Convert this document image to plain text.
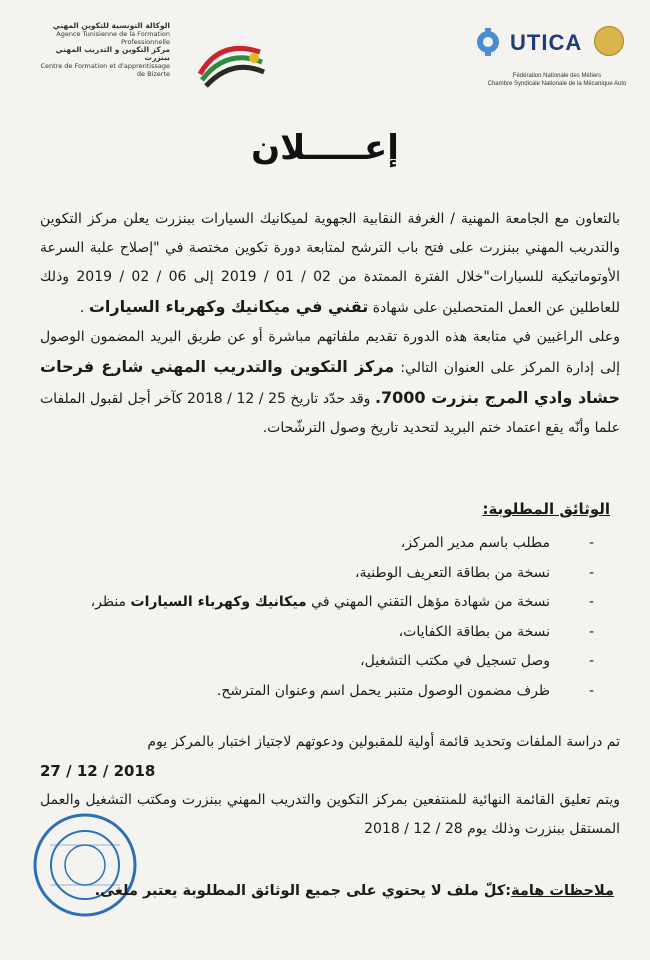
الوكالة التونسية للتكوين المهني
Agence Tunisienne de la Formation Professionnelle
مركز التكوين و التدريب المهني ببنزرت
Centre de Formation et d'apprentissage de Bizerte
UTICA
Fédération Nationale des Métiers
Chambre Syndicale Nationale de la Mécanique Auto
إعـــــلان

بالتعاون مع الجامعة المهنية / الغرفة النقابية الجهوية لميكانيك السيارات ببنزرت يعلن مركز التكوين والتدريب المهني ببنزرت على فتح باب الترشح لمتابعة دورة تكوين مختصة في "إصلاح علبة السرعة الأوتوماتيكية للسيارات"خلال الفترة الممتدة من 02 / 01 / 2019 إلى 06 / 02 / 2019 وذلك للعاطلين عن العمل المتحصلين على شهادة تقني في ميكانيك وكهرباء السيارات .

وعلى الراغبين في متابعة هذه الدورة تقديم ملفاتهم مباشرة أو عن طريق البريد المضمون الوصول إلى إدارة المركز على العنوان التالي: مركز التكوين والتدريب المهني شارع فرحات حشاد وادي المرج بنزرت 7000. وقد حدّد تاريخ 25 / 12 / 2018 كآخر أجل لقبول الملفات علما وأنّه يقع اعتماد ختم البريد لتحديد تاريخ وصول الترشّحات.

الوثائق المطلوبة:
-
مطلب باسم مدير المركز،
-
نسخة من بطاقة التعريف الوطنية،
-
نسخة من شهادة مؤهل التقني المهني في ميكانيك وكهرباء السيارات منظر،
-
نسخة من بطاقة الكفايات،
-
وصل تسجيل في مكتب التشغيل،
-
ظرف مضمون الوصول متنبر يحمل اسم وعنوان المترشح.
تم دراسة الملفات وتحديد قائمة أولية للمقبولين ودعوتهم لاجتياز اختبار بالمركز يوم
2018 / 12 / 27
ويتم تعليق القائمة النهائية للمنتفعين بمركز التكوين والتدريب المهني ببنزرت ومكتب التشغيل والعمل المستقل ببنزرت وذلك يوم 28 / 12 / 2018
ملاحظات هامة:كلّ ملف لا يحتوي على جميع الوثائق المطلوبة يعتبر ملغى.
